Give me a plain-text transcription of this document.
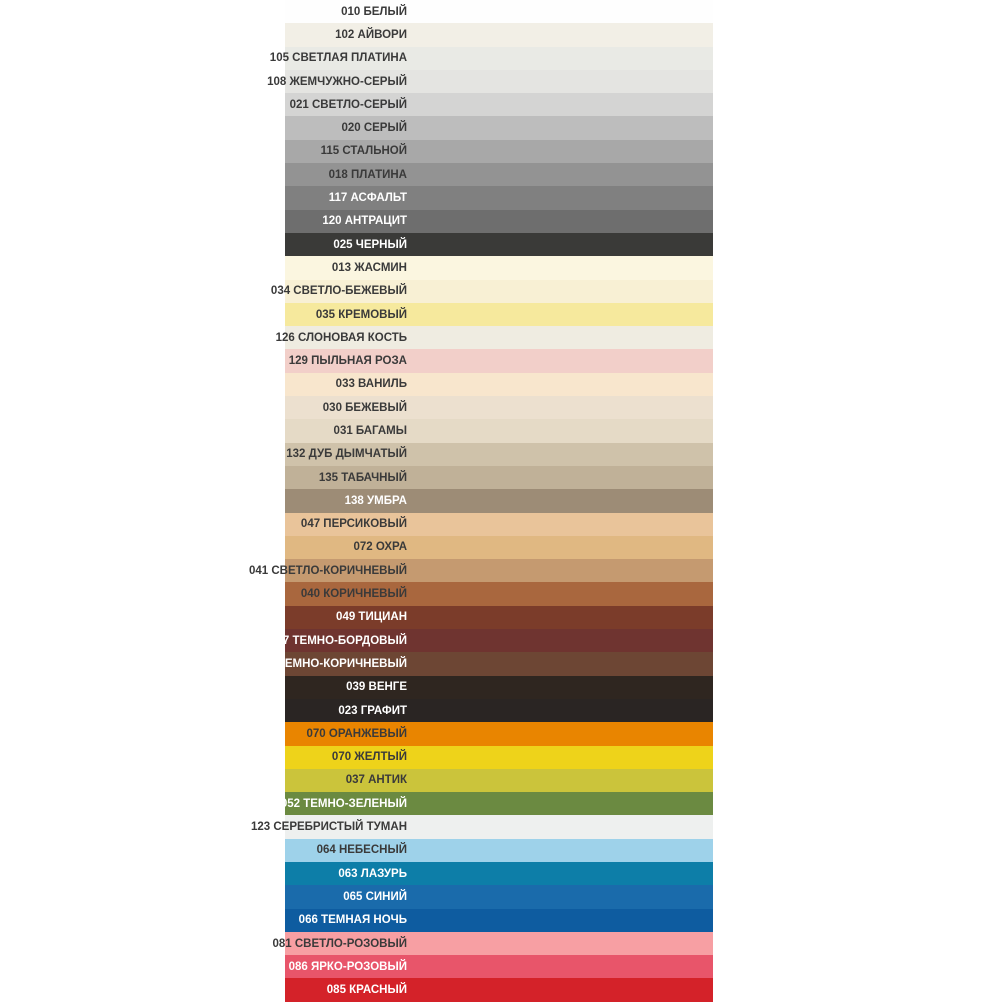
010 БЕЛЫЙ
102 АЙВОРИ
105 СВЕТЛАЯ ПЛАТИНА
108 ЖЕМЧУЖНО-СЕРЫЙ
021 СВЕТЛО-СЕРЫЙ
020 СЕРЫЙ
115 СТАЛЬНОЙ
018 ПЛАТИНА
117 АСФАЛЬТ
120 АНТРАЦИТ
025 ЧЕРНЫЙ
013 ЖАСМИН
034 СВЕТЛО-БЕЖЕВЫЙ
035 КРЕМОВЫЙ
126 СЛОНОВАЯ КОСТЬ
129 ПЫЛЬНАЯ РОЗА
033 ВАНИЛЬ
030 БЕЖЕВЫЙ
031 БАГАМЫ
132 ДУБ ДЫМЧАТЫЙ
135 ТАБАЧНЫЙ
138 УМБРА
047 ПЕРСИКОВЫЙ
072 ОХРА
041 СВЕТЛО-КОРИЧНЕВЫЙ
040 КОРИЧНЕВЫЙ
049 ТИЦИАН
087 ТЕМНО-БОРДОВЫЙ
042 ТЕМНО-КОРИЧНЕВЫЙ
039 ВЕНГЕ
023 ГРАФИТ
070 ОРАНЖЕВЫЙ
070 ЖЕЛТЫЙ
037 АНТИК
052 ТЕМНО-ЗЕЛЕНЫЙ
123 СЕРЕБРИСТЫЙ ТУМАН
064 НЕБЕСНЫЙ
063 ЛАЗУРЬ
065 СИНИЙ
066 ТЕМНАЯ НОЧЬ
081 СВЕТЛО-РОЗОВЫЙ
086 ЯРКО-РОЗОВЫЙ
085 КРАСНЫЙ
